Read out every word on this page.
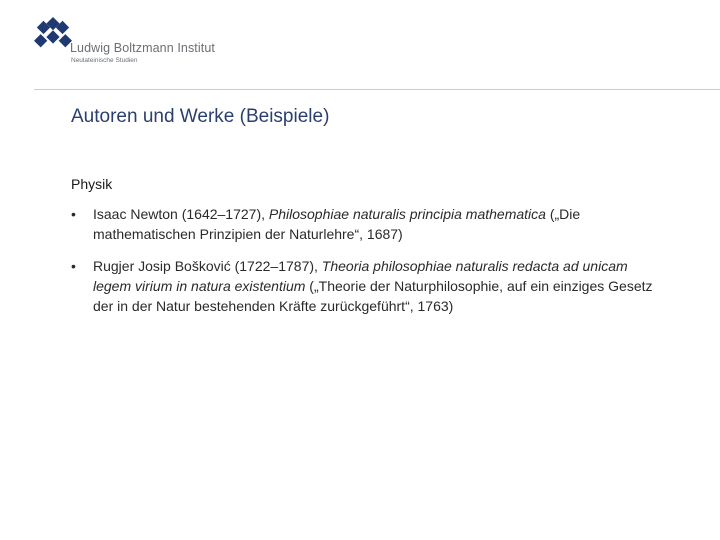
Ludwig Boltzmann Institut
Neulateinische Studien
Autoren und Werke (Beispiele)
Physik
• Isaac Newton (1642–1727), Philosophiae naturalis principia mathematica („Die mathematischen Prinzipien der Naturlehre“, 1687)
• Rugjer Josip Bošković (1722–1787), Theoria philosophiae naturalis redacta ad unicam legem virium in natura existentium („Theorie der Naturphilosophie, auf ein einziges Gesetz der in der Natur bestehenden Kräfte zurückgeführt“, 1763)
